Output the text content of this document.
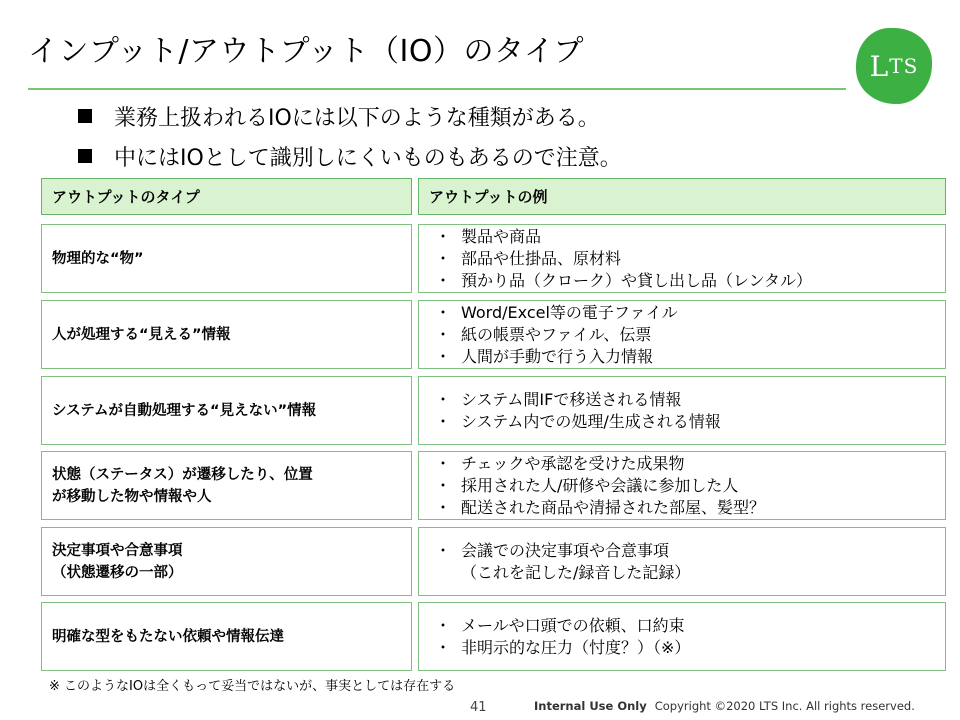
インプット/アウトプット（IO）のタイプ	L TS
業務上扱われるIOには以下のような種類がある。
中にはIOとして識別しにくいものもあるので注意。
アウトプットのタイプ	アウトプットの例
物理的な“物”
・ 製品や商品
・ 部品や仕掛品、原材料
・ 預かり品（クローク）や貸し出し品（レンタル）
人が処理する“見える”情報
・ Word/Excel等の電子ファイル
・ 紙の帳票やファイル、伝票
・ 人間が手動で行う入力情報
システムが自動処理する“見えない”情報
・ システム間IFで移送される情報
・ システム内での処理/生成される情報
状態（ステータス）が遷移したり、位置
が移動した物や情報や人
・ チェックや承認を受けた成果物
・ 採用された人/研修や会議に参加した人
・ 配送された商品や清掃された部屋、髪型？
決定事項や合意事項
（状態遷移の一部）
・ 会議での決定事項や合意事項
（これを記した/録音した記録）
明確な型をもたない依頼や情報伝達
・ メールや口頭での依頼、口約束
・ 非明示的な圧力（忖度？）（※）
※ このようなIOは全くもって妥当ではないが、事実としては存在する
41	Internal Use Only Copyright ©2020 LTS Inc. All rights reserved.
